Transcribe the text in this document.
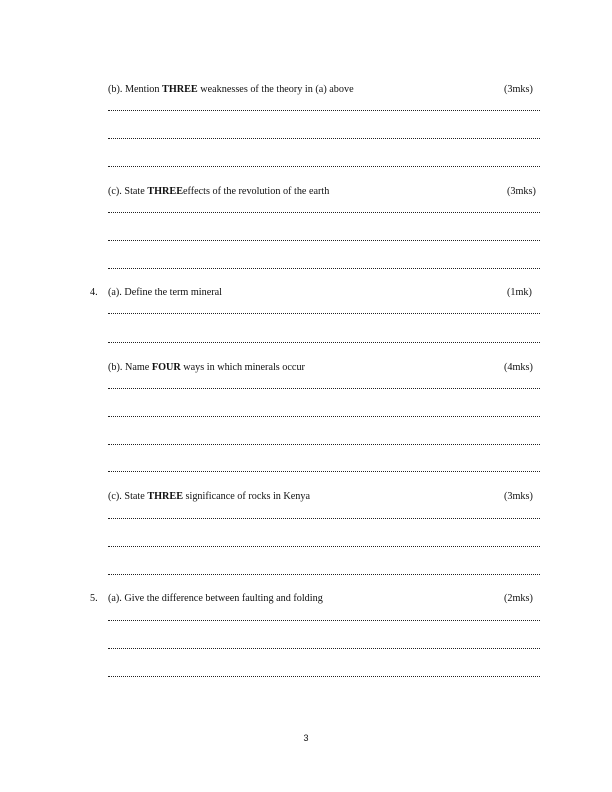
(b). Mention THREE weaknesses of the theory in (a) above	(3mks)
(c). State THREEeffects of the revolution of the earth	(3mks)
4. (a). Define the term mineral	(1mk)
(b). Name FOUR ways in which minerals occur	(4mks)
(c). State THREE significance of rocks in Kenya	(3mks)
5. (a). Give the difference between faulting and folding	(2mks)
3
